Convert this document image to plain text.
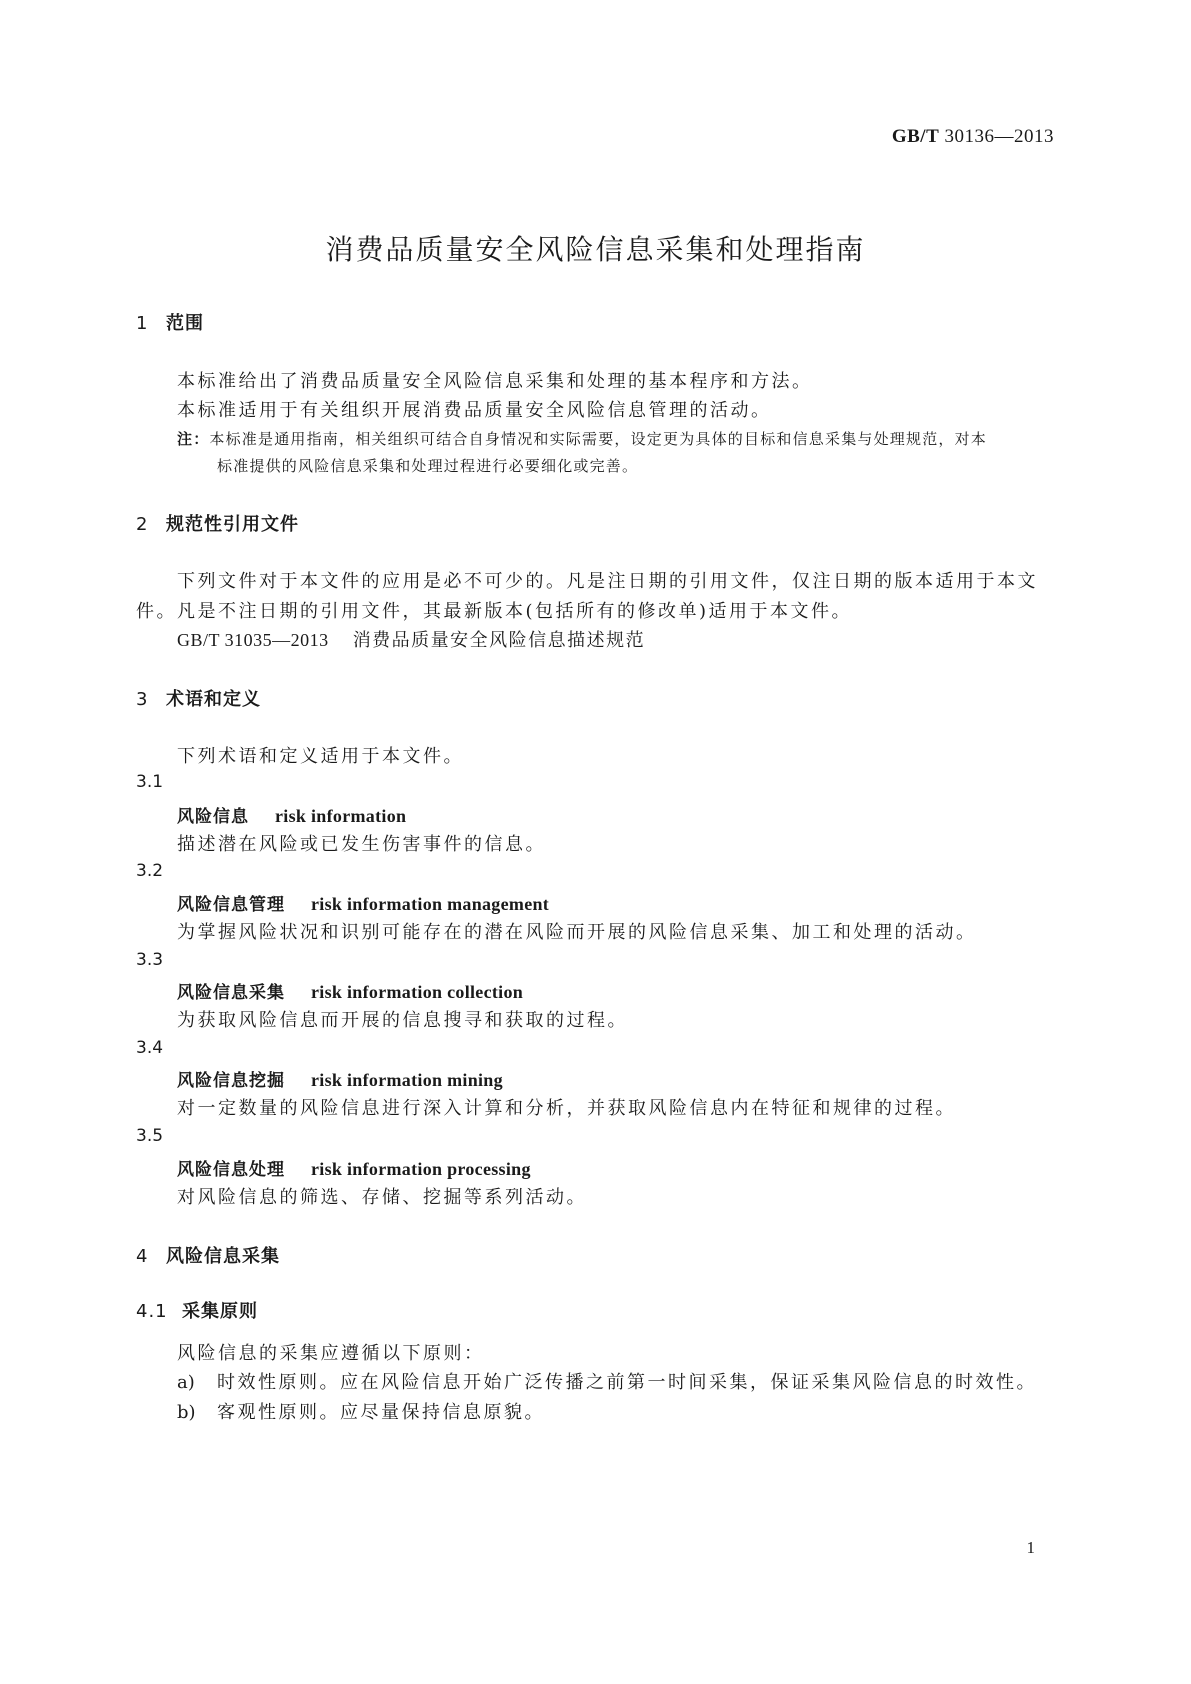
GB/T 30136—2013
消费品质量安全风险信息采集和处理指南
1 范围
本标准给出了消费品质量安全风险信息采集和处理的基本程序和方法。
本标准适用于有关组织开展消费品质量安全风险信息管理的活动。
注：本标准是通用指南，相关组织可结合自身情况和实际需要，设定更为具体的目标和信息采集与处理规范，对本
标准提供的风险信息采集和处理过程进行必要细化或完善。
2 规范性引用文件
下列文件对于本文件的应用是必不可少的。凡是注日期的引用文件，仅注日期的版本适用于本文
件。凡是不注日期的引用文件，其最新版本(包括所有的修改单)适用于本文件。
GB/T 31035—2013 消费品质量安全风险信息描述规范
3 术语和定义
下列术语和定义适用于本文件。
3.1
风险信息 risk information
描述潜在风险或已发生伤害事件的信息。
3.2
风险信息管理 risk information management
为掌握风险状况和识别可能存在的潜在风险而开展的风险信息采集、加工和处理的活动。
3.3
风险信息采集 risk information collection
为获取风险信息而开展的信息搜寻和获取的过程。
3.4
风险信息挖掘 risk information mining
对一定数量的风险信息进行深入计算和分析，并获取风险信息内在特征和规律的过程。
3.5
风险信息处理 risk information processing
对风险信息的筛选、存储、挖掘等系列活动。
4 风险信息采集
4.1 采集原则
风险信息的采集应遵循以下原则：
a) 时效性原则。应在风险信息开始广泛传播之前第一时间采集，保证采集风险信息的时效性。
b) 客观性原则。应尽量保持信息原貌。
1
